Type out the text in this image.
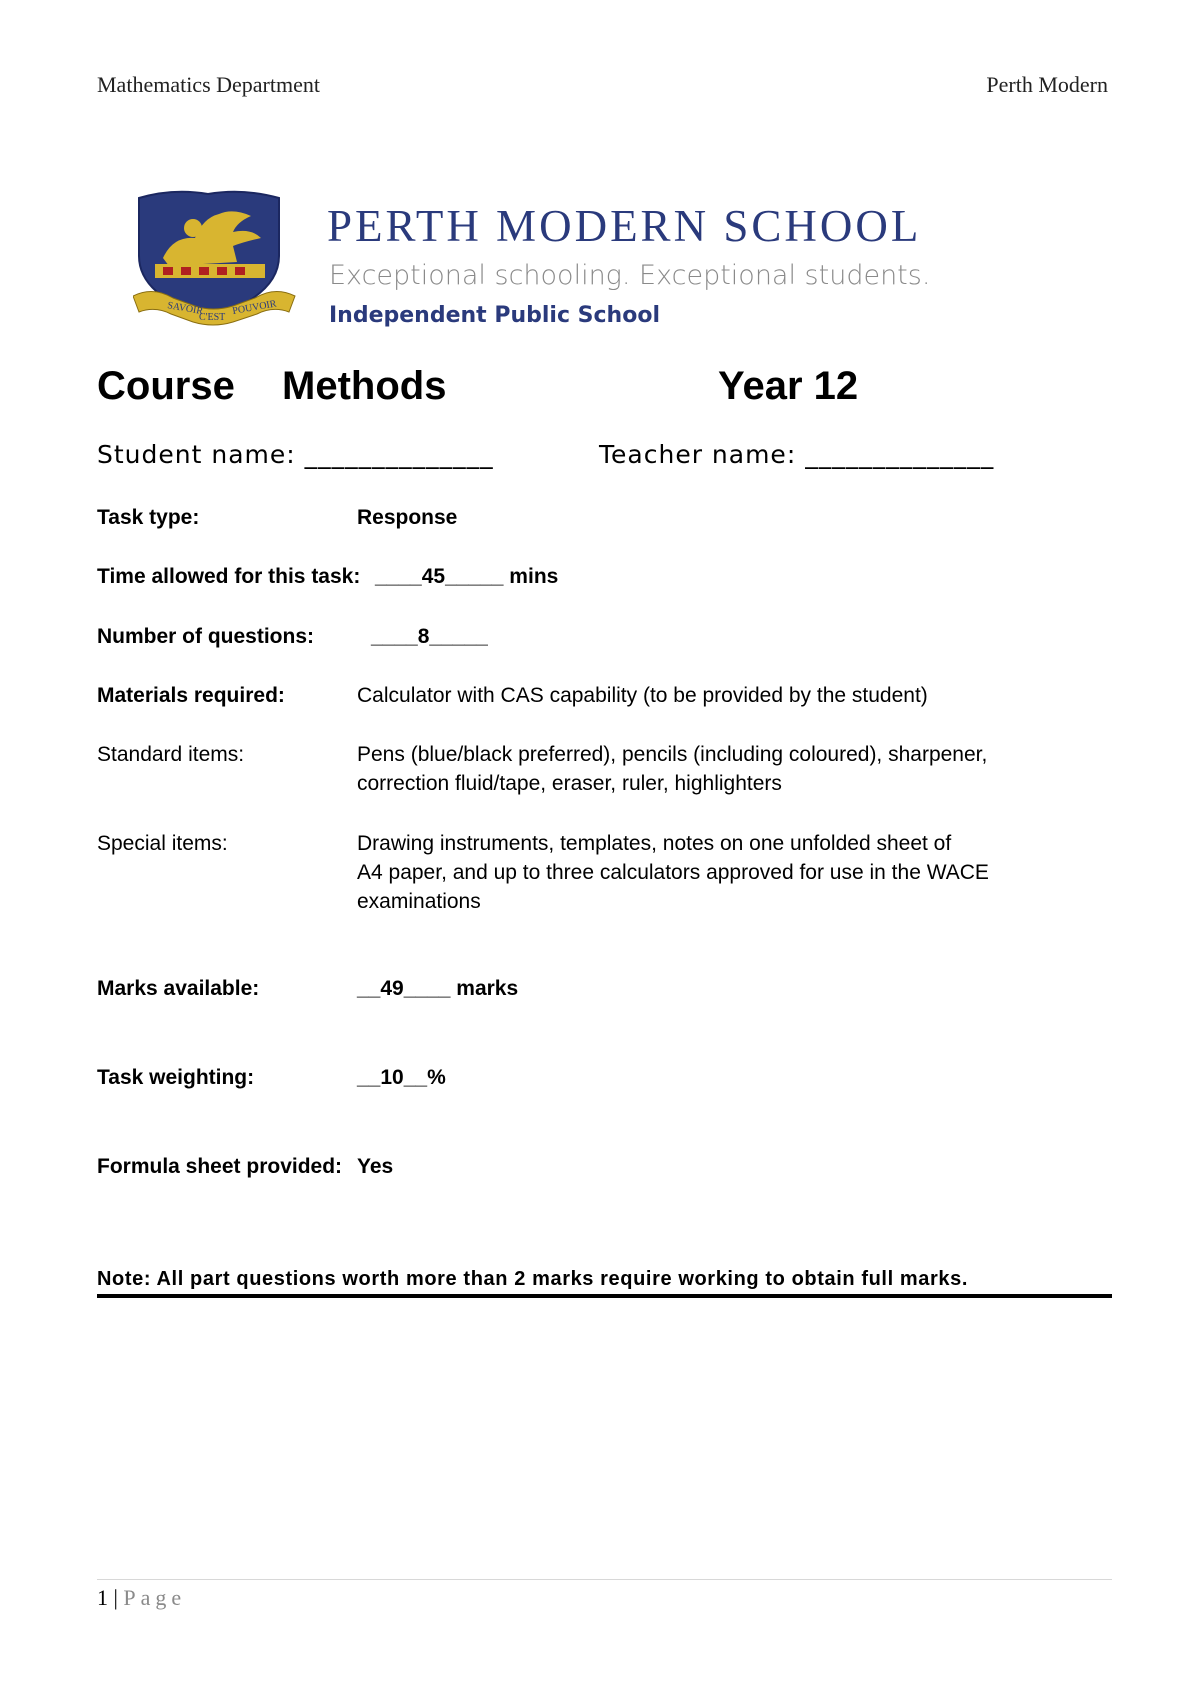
Mathematics Department	Perth Modern
SAVOIR
C'EST
POUVOIR
PERTH MODERN SCHOOL
Exceptional schooling. Exceptional students.
Independent Public School
Course Methods	Year 12
Student name: ______________	Teacher name: ______________
Task type:	Response
Time allowed for this task: ____45_____ mins
Number of questions:	____8_____
Materials required:	Calculator with CAS capability (to be provided by the student)
Standard items:	Pens (blue/black preferred), pencils (including coloured), sharpener,
correction fluid/tape, eraser, ruler, highlighters
Special items:	Drawing instruments, templates, notes on one unfolded sheet of
A4 paper, and up to three calculators approved for use in the WACE
examinations
Marks available:	__49____ marks
Task weighting:	__10__%
Formula sheet provided: Yes
Note: All part questions worth more than 2 marks require working to obtain full marks.
1 | Page
